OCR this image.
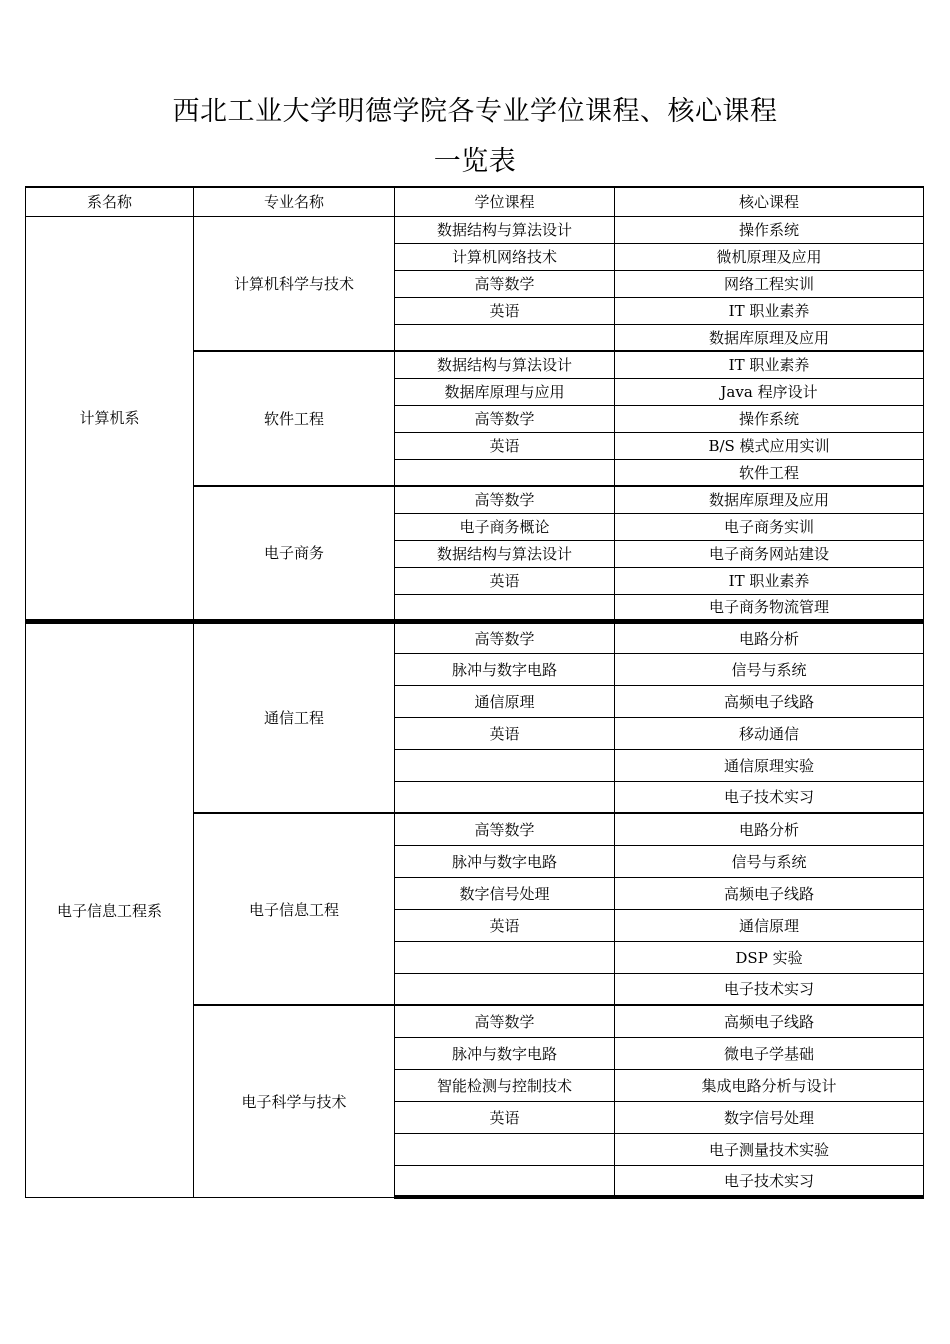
西北工业大学明德学院各专业学位课程、核心课程
一览表
系名称	专业名称	学位课程	核心课程
计算机系	计算机科学与技术	数据结构与算法设计	操作系统
		计算机网络技术	微机原理及应用
		高等数学	网络工程实训
		英语	IT 职业素养
			数据库原理及应用
	软件工程	数据结构与算法设计	IT 职业素养
		数据库原理与应用	Java 程序设计
		高等数学	操作系统
		英语	B/S 模式应用实训
			软件工程
	电子商务	高等数学	数据库原理及应用
		电子商务概论	电子商务实训
		数据结构与算法设计	电子商务网站建设
		英语	IT 职业素养
			电子商务物流管理
电子信息工程系	通信工程	高等数学	电路分析
		脉冲与数字电路	信号与系统
		通信原理	高频电子线路
		英语	移动通信
			通信原理实验
			电子技术实习
	电子信息工程	高等数学	电路分析
		脉冲与数字电路	信号与系统
		数字信号处理	高频电子线路
		英语	通信原理
			DSP 实验
			电子技术实习
	电子科学与技术	高等数学	高频电子线路
		脉冲与数字电路	微电子学基础
		智能检测与控制技术	集成电路分析与设计
		英语	数字信号处理
			电子测量技术实验
			电子技术实习
